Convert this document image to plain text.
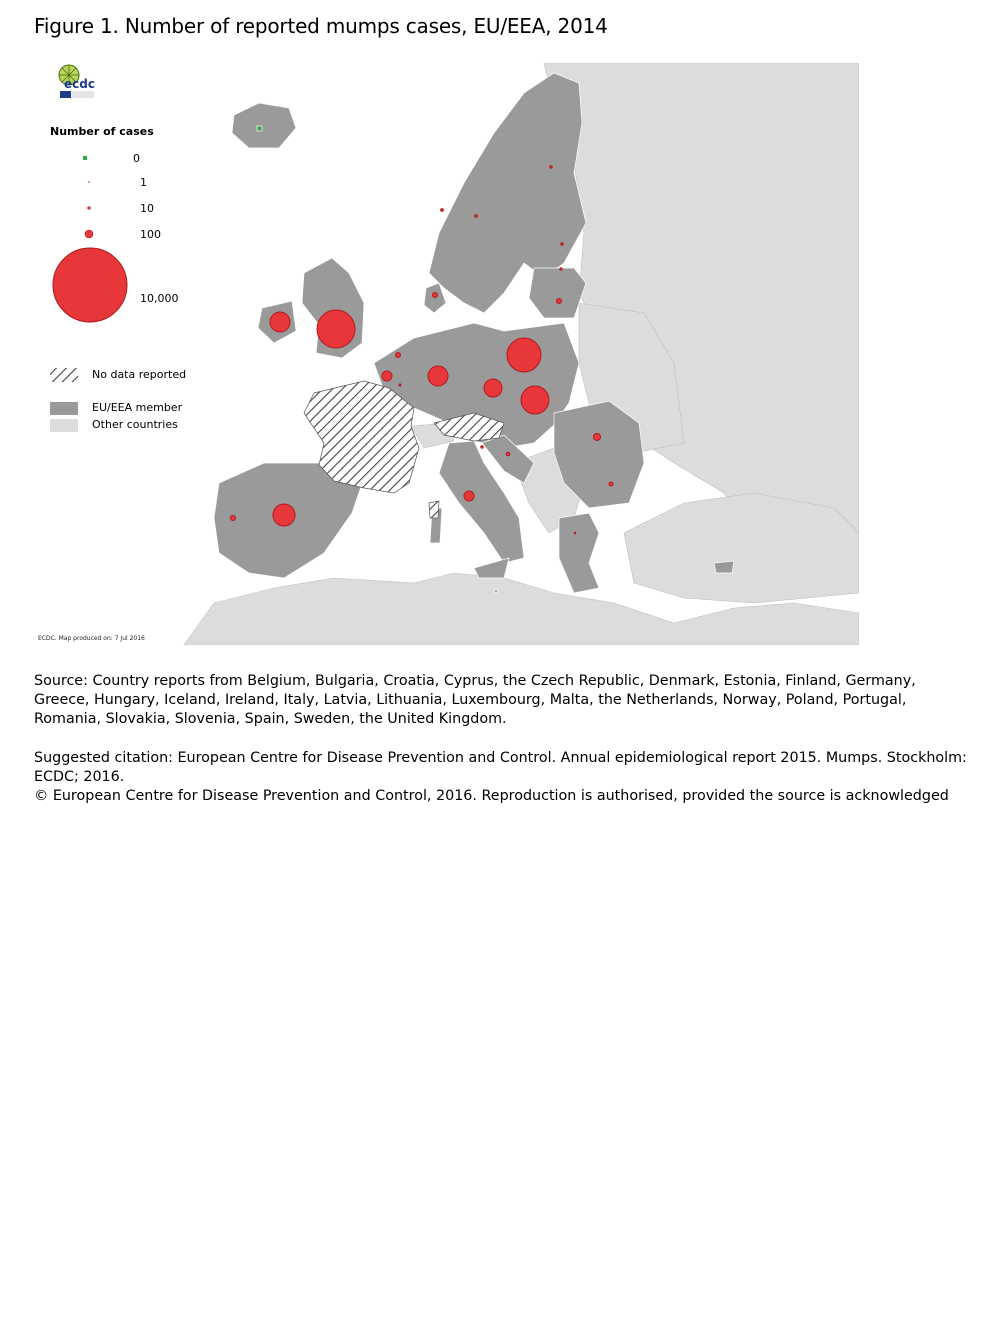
Figure 1. Number of reported mumps cases, EU/EEA, 2014
ecdc
Number of cases
0
1
10
100
10,000
No data reported
EU/EEA member
Other countries
ECDC. Map produced on: 7 Jul 2016

Source: Country reports from Belgium, Bulgaria, Croatia, Cyprus, the Czech Republic, Denmark, Estonia, Finland, Germany, Greece, Hungary, Iceland, Ireland, Italy, Latvia, Lithuania, Luxembourg, Malta, the Netherlands, Norway, Poland, Portugal, Romania, Slovakia, Slovenia, Spain, Sweden, the United Kingdom.

Suggested citation: European Centre for Disease Prevention and Control. Annual epidemiological report 2015. Mumps. Stockholm: ECDC; 2016.

© European Centre for Disease Prevention and Control, 2016. Reproduction is authorised, provided the source is acknowledged
